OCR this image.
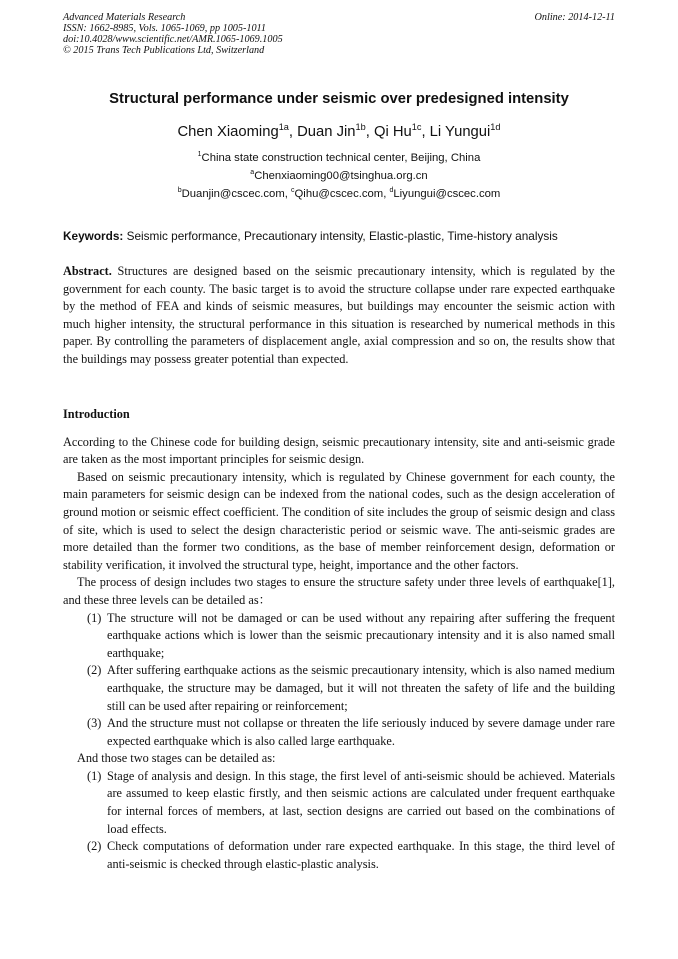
Advanced Materials Research
ISSN: 1662-8985, Vols. 1065-1069, pp 1005-1011
doi:10.4028/www.scientific.net/AMR.1065-1069.1005
© 2015 Trans Tech Publications Ltd, Switzerland
Online: 2014-12-11
Structural performance under seismic over predesigned intensity
Chen Xiaoming$^{1a}$, Duan Jin$^{1b}$, Qi $Hu^{1c}$, Li Yungui$^{1d}$
$^1$China state construction technical center, Beijing, China
$^a$Chenxiaoming00@tsinghua.org.cn
$^b$Duanjin@cscec.com, $^c$Qihu@cscec.com, $^d$Liyungui@cscec.com
Keywords: Seismic performance, Precautionary intensity, Elastic-plastic, Time-history analysis

Abstract. Structures are designed based on the seismic precautionary intensity, which is regulated by the government for each county. The basic target is to avoid the structure collapse under rare expected earthquake by the method of FEA and kinds of seismic measures, but buildings may encounter the seismic action with much higher intensity, the structural performance in this situation is researched by numerical methods in this paper. By controlling the parameters of displacement angle, axial compression and so on, the results show that the buildings may possess greater potential than expected.

Introduction

According to the Chinese code for building design, seismic precautionary intensity, site and anti-seismic grade are taken as the most important principles for seismic design.

Based on seismic precautionary intensity, which is regulated by Chinese government for each county, the main parameters for seismic design can be indexed from the national codes, such as the design acceleration of ground motion or seismic effect coefficient. The condition of site includes the group of seismic design and class of site, which is used to select the design characteristic period or seismic wave. The anti-seismic grades are more detailed than the former two conditions, as the base of member reinforcement design, deformation or stability verification, it involved the structural type, height, importance and the other factors.

The process of design includes two stages to ensure the structure safety under three levels of earthquake[1], and these three levels can be detailed as：

(1) The structure will not be damaged or can be used without any repairing after suffering the frequent earthquake actions which is lower than the seismic precautionary intensity and it is also named small earthquake;
(2) After suffering earthquake actions as the seismic precautionary intensity, which is also named medium earthquake, the structure may be damaged, but it will not threaten the safety of life and the building still can be used after repairing or reinforcement;
(3) And the structure must not collapse or threaten the life seriously induced by severe damage under rare expected earthquake which is also called large earthquake.

And those two stages can be detailed as:

(1) Stage of analysis and design. In this stage, the first level of anti-seismic should be achieved. Materials are assumed to keep elastic firstly, and then seismic actions are calculated under frequent earthquake for internal forces of members, at last, section designs are carried out based on the combinations of load effects.
(2) Check computations of deformation under rare expected earthquake. In this stage, the third level of anti-seismic is checked through elastic-plastic analysis.
